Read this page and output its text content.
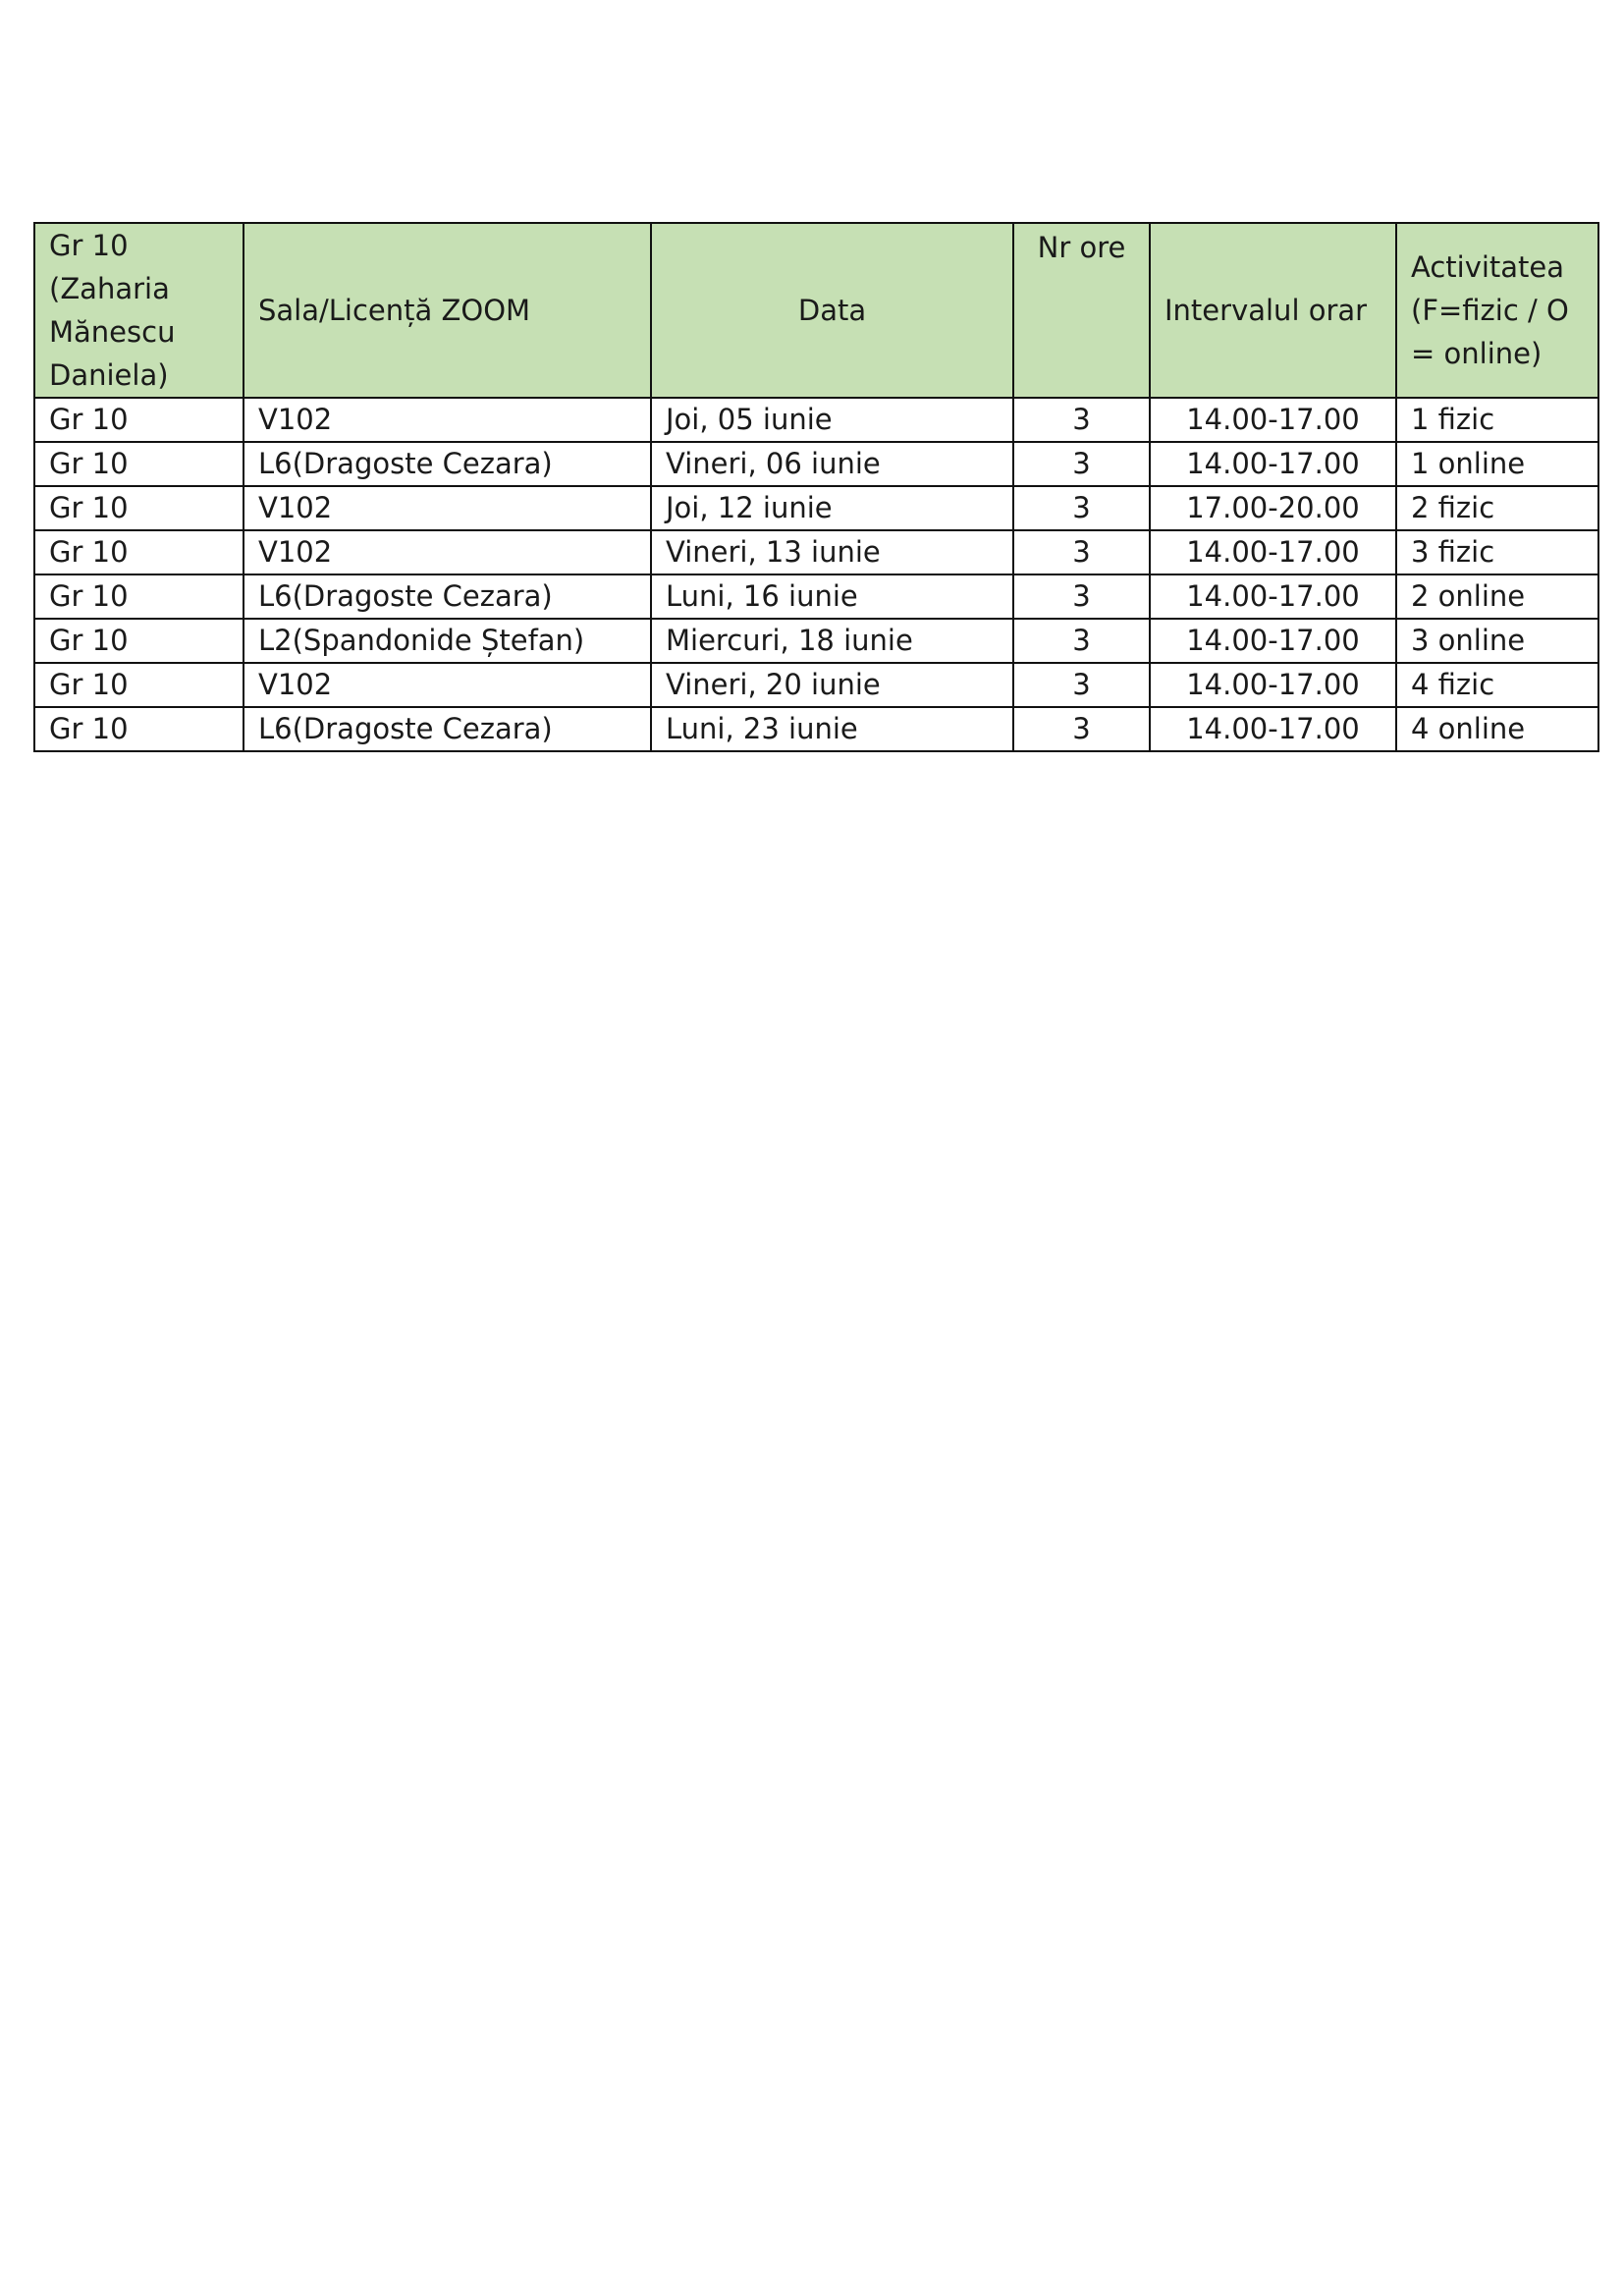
Gr 10 (Zaharia Mănescu Daniela)	Sala/Licență ZOOM	Data	Nr ore	Intervalul orar	Activitatea (F=fizic / O = online)
Gr 10	V102	Joi, 05 iunie	3	14.00-17.00	1 fizic
Gr 10	L6(Dragoste Cezara)	Vineri, 06 iunie	3	14.00-17.00	1 online
Gr 10	V102	Joi, 12 iunie	3	17.00-20.00	2 fizic
Gr 10	V102	Vineri, 13 iunie	3	14.00-17.00	3 fizic
Gr 10	L6(Dragoste Cezara)	Luni, 16 iunie	3	14.00-17.00	2 online
Gr 10	L2(Spandonide Ștefan)	Miercuri, 18 iunie	3	14.00-17.00	3 online
Gr 10	V102	Vineri, 20 iunie	3	14.00-17.00	4 fizic
Gr 10	L6(Dragoste Cezara)	Luni, 23 iunie	3	14.00-17.00	4 online
